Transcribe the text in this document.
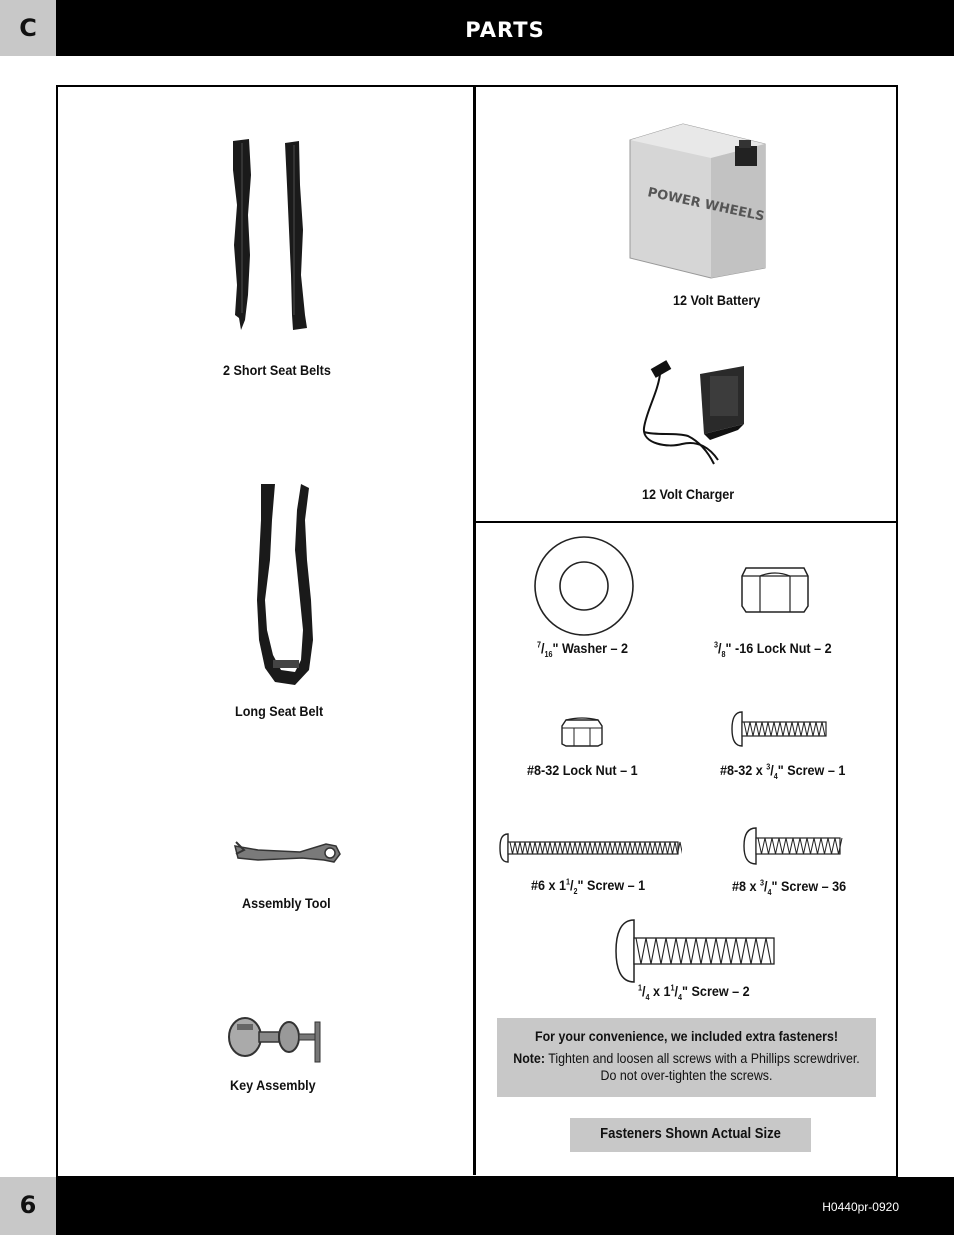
C	PARTS
2 Short Seat Belts
Long Seat Belt
Assembly Tool
Key Assembly
POWER WHEELS
12 Volt Battery
12 Volt Charger
$^7/_{16}$" Washer – 2	$^3/_8$" -16 Lock Nut – 2
#8-32 Lock Nut – 1	#8-32 x $^3/_4$" Screw – 1
#6 x $1^1/_2$" Screw – 1	#8 x $^3/_4$" Screw – 36
$^1/_4$ x $1^1/_4$" Screw – 2
For your convenience, we included extra fasteners!
Note: Tighten and loosen all screws with a Phillips screwdriver.
Do not over-tighten the screws.
Fasteners Shown Actual Size
6	H0440pr-0920
